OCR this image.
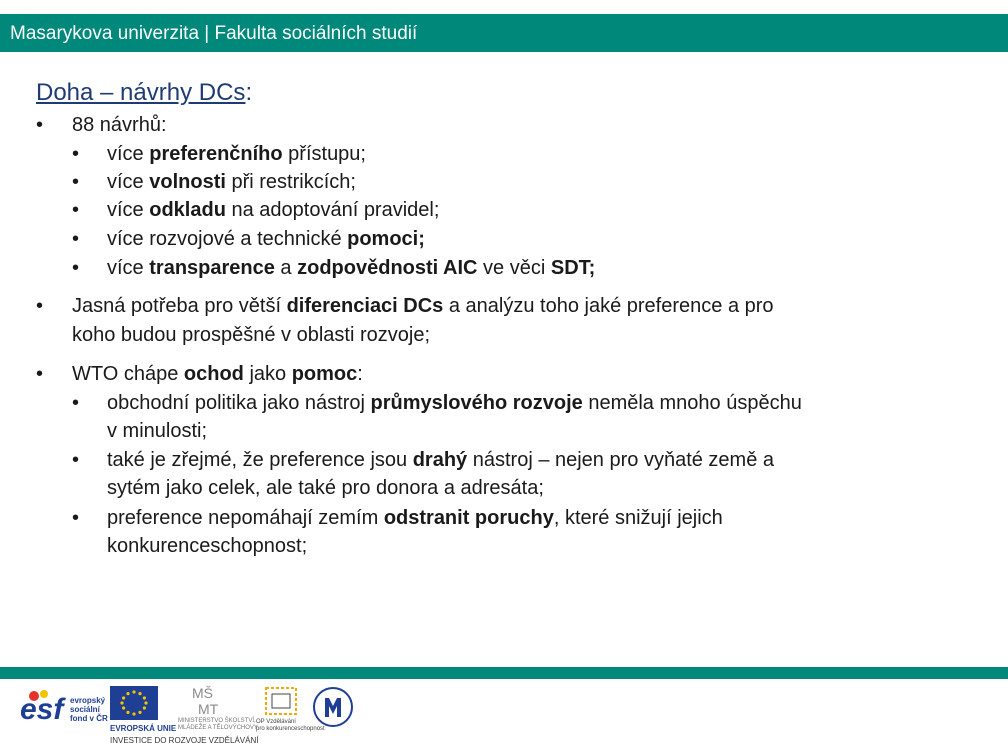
Masarykova univerzita | Fakulta sociálních studií
Doha – návrhy DCs:
• 88 návrhů:
• více preferenčního přístupu;
• více volnosti při restrikcích;
• více odkladu na adoptování pravidel;
• více rozvojové a technické pomoci;
• více transparence a zodpovědnosti AIC ve věci SDT;
• Jasná potřeba pro větší diferenciaci DCs a analýzu toho jaké preference a pro
koho budou prospěšné v oblasti rozvoje;
• WTO chápe ochod jako pomoc:
• obchodní politika jako nástroj průmyslového rozvoje neměla mnoho úspěchu
v minulosti;
• také je zřejmé, že preference jsou drahý nástroj – nejen pro vyňaté země a
sytém jako celek, ale také pro donora a adresáta;
• preference nepomáhají zemím odstranit poruchy, které snižují jejich
konkurenceschopnost;
esf evropský
sociální
fond v ČR
EVROPSKÁ UNIE
MŠ
MT
MINISTERSTVO ŠKOLSTVÍ,
MLÁDEŽE A TĚLOVÝCHOVY
OP Vzdělávání
pro konkurenceschopnost
INVESTICE DO ROZVOJE VZDĚLÁVÁNÍ
